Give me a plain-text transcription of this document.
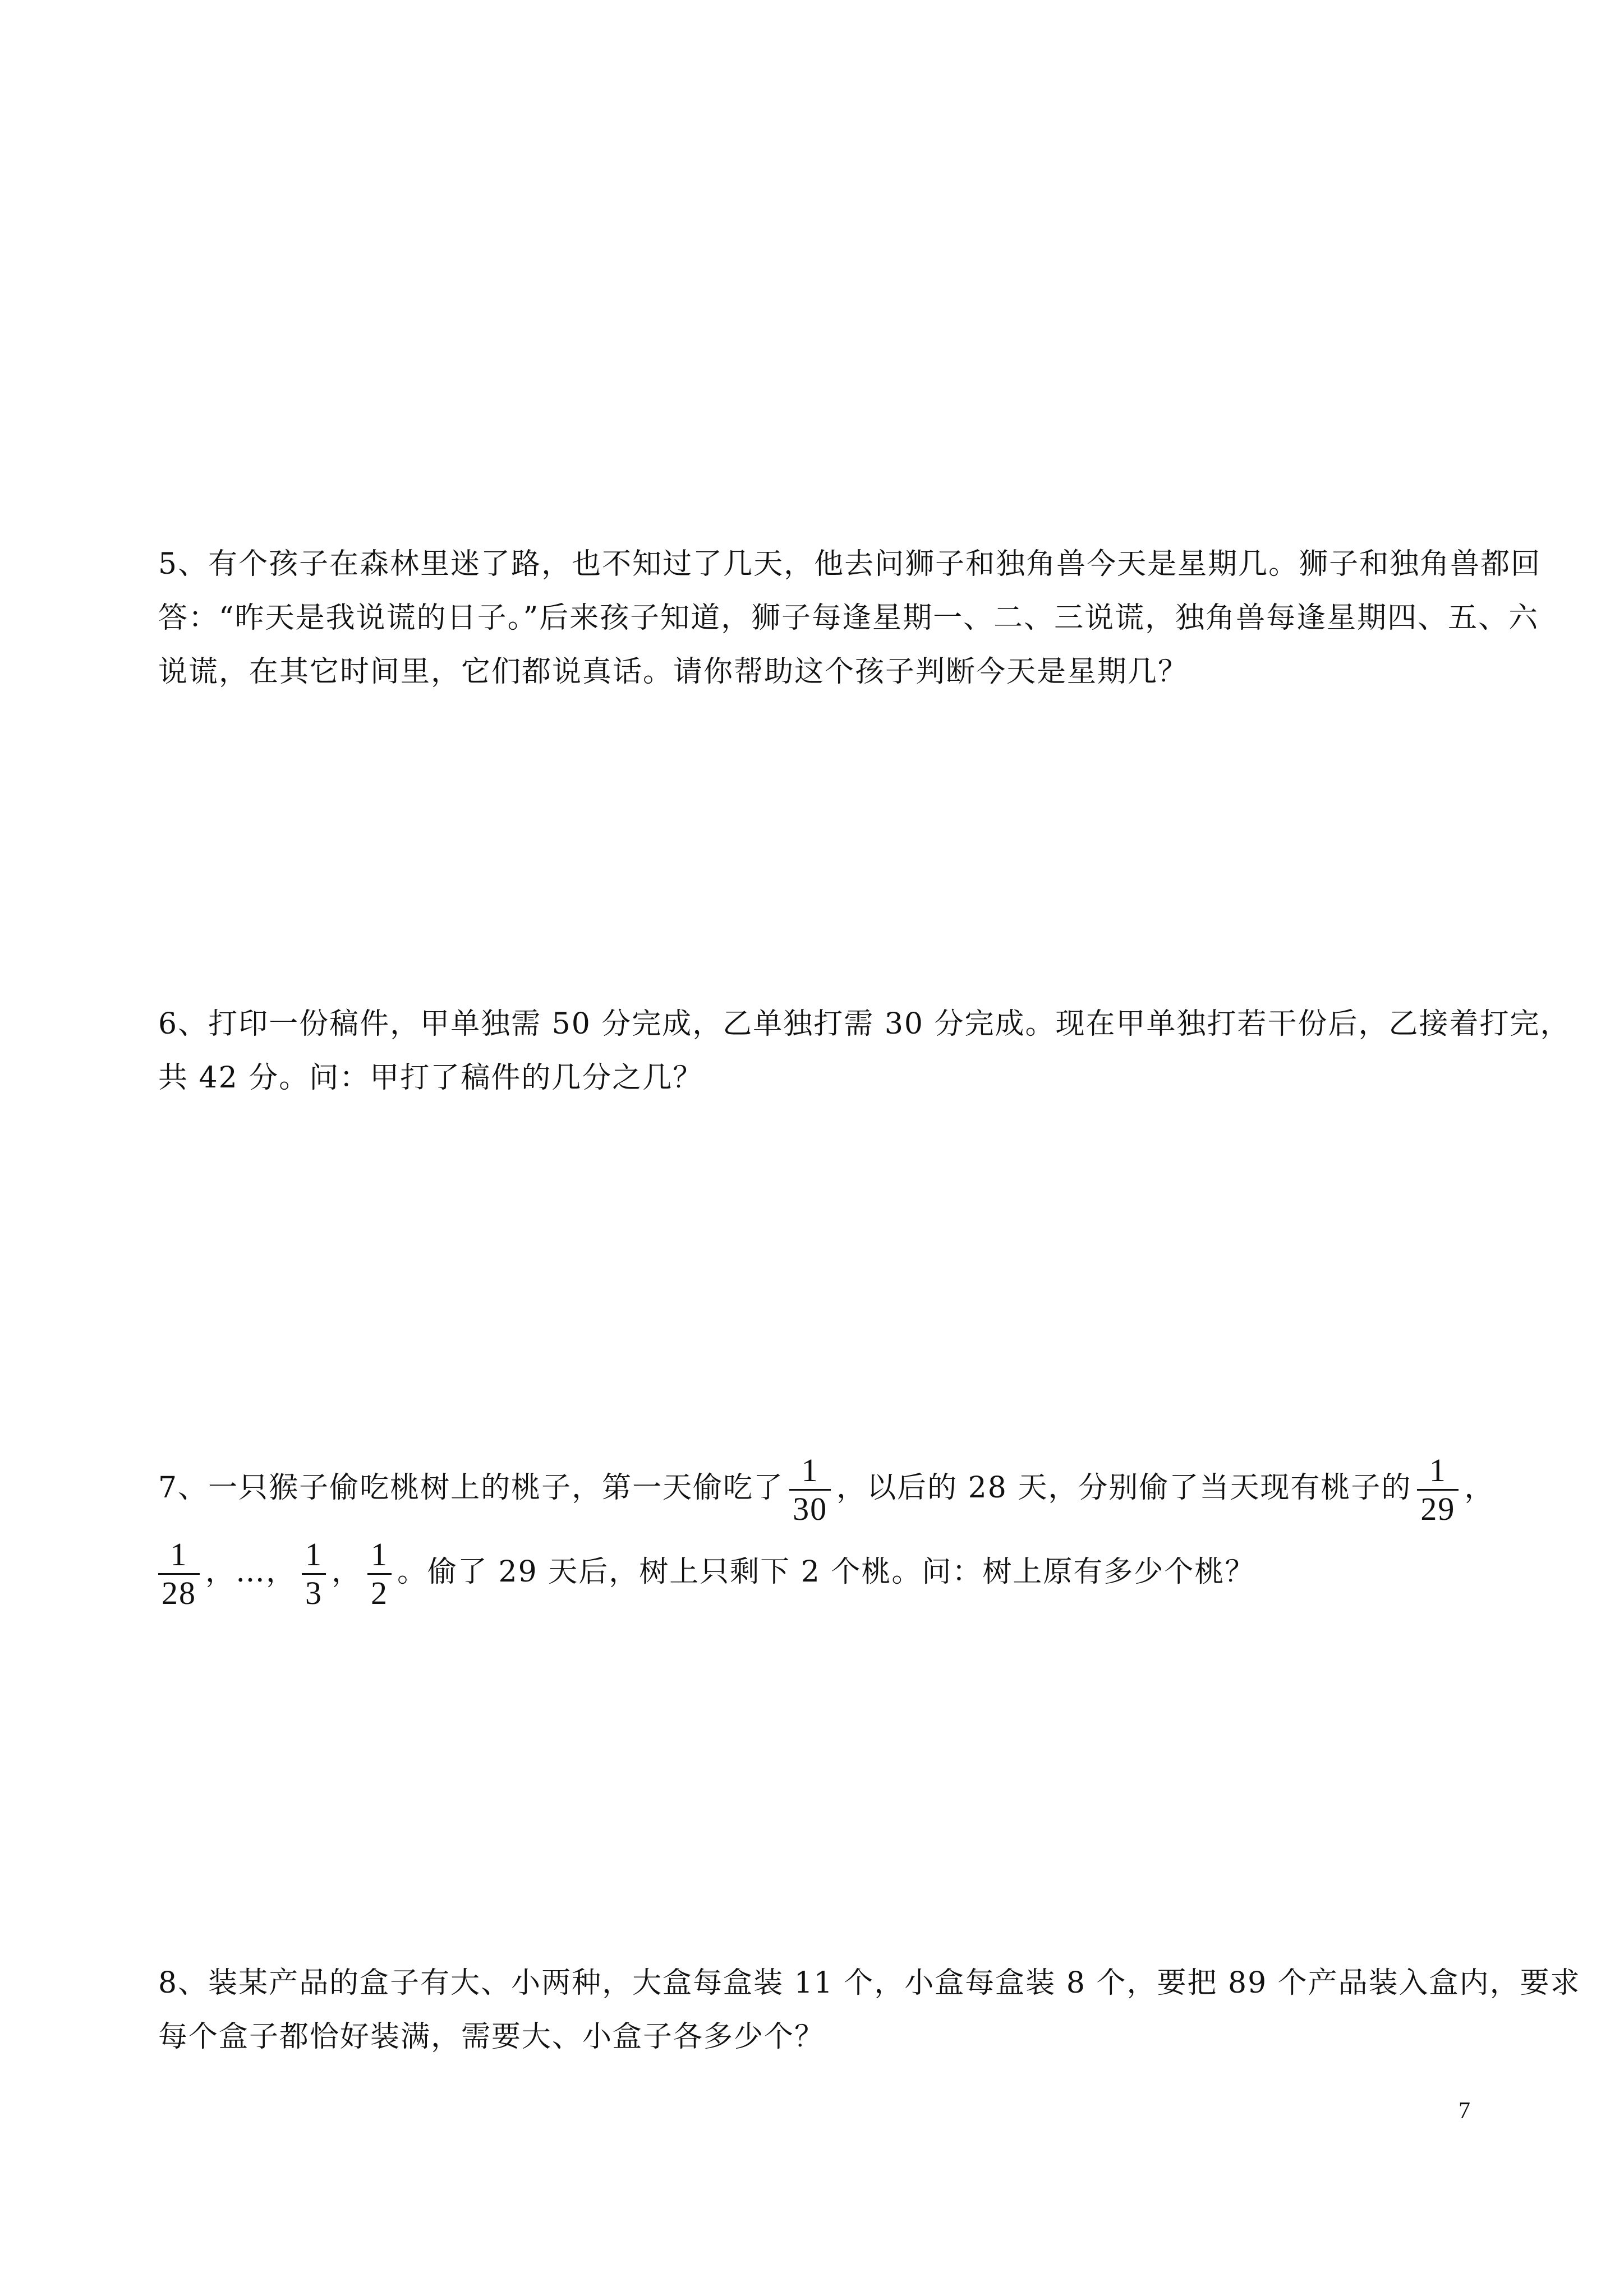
5、有个孩子在森林里迷了路，也不知过了几天，他去问狮子和独角兽今天是星期几。狮子和独角兽都回
答：“昨天是我说谎的日子。”后来孩子知道，狮子每逢星期一、二、三说谎，独角兽每逢星期四、五、六
说谎，在其它时间里，它们都说真话。请你帮助这个孩子判断今天是星期几？
6、打印一份稿件，甲单独需 50 分完成，乙单独打需 30 分完成。现在甲单独打若干份后，乙接着打完，
共 42 分。问：甲打了稿件的几分之几？
7、一只猴子偷吃桃树上的桃子，第一天偷吃了 $\frac{1}{30}$ ，以后的 28 天，分别偷了当天现有桃子的 $\frac{1}{29}$ ，
$\frac{1}{28}$ ，…， $\frac{1}{3}$ ， $\frac{1}{2}$ 。偷了 29 天后，树上只剩下 2 个桃。问：树上原有多少个桃？
8、装某产品的盒子有大、小两种，大盒每盒装 11 个，小盒每盒装 8 个，要把 89 个产品装入盒内，要求
每个盒子都恰好装满，需要大、小盒子各多少个？
7
